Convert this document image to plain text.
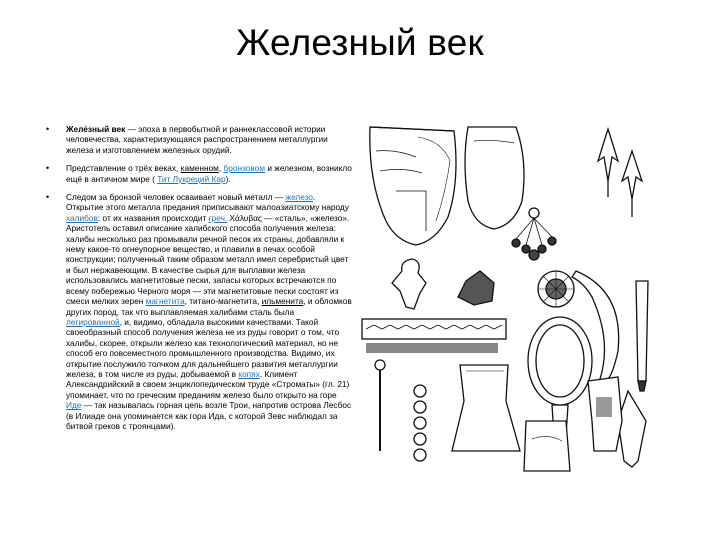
Железный век
• Желе́зный век — эпоха в первобытной и раннеклассовой истории человечества, характеризующаяся распространением металлургии железа и изготовлением железных орудий.
• Представление о трёх веках, каменном, бронзовом и железном, возникло ещё в античном мире ( Тит Лукреций Кар).
• Следом за бронзой человек осваивает новый металл — железо. Открытие этого металла предания приписывают малоазиатскому народу халибов: от их названия происходит греч. Χάλυβας — «сталь», «железо». Аристотель оставил описание халибского способа получения железа: халибы несколько раз промывали речной песок их страны, добавляли к нему какое-то огнеупорное вещество, и плавили в печах особой конструкции; полученный таким образом металл имел серебристый цвет и был нержавеющим. В качестве сырья для выплавки железа использовались магнетитовые пески, запасы которых встречаются по всему побережью Черного моря — эти магнетитовые пески состоят из смеси мелких зерен магнетита, титано-магнетита, ильменита, и обломков других пород, так что выплавляемая халибами сталь была легированной, и, видимо, обладала высокими качествами. Такой своеобразный способ получения железа не из руды говорит о том, что халибы, скорее, открыли железо как технологический материал, но не способ его повсеместного промышленного производства. Видимо, их открытие послужило толчком для дальнейшего развития металлургии железа, в том числе из руды, добываемой в копях. Климент Александрийский в своем энциклопедическом труде «Строматы» (гл. 21) упоминает, что по греческим преданиям железо было открыто на горе Иде — так называлась горная цепь возле Трои, напротив острова Лесбос (в Илиаде она упоминается как гора Ида, с которой Зевс наблюдал за битвой греков с троянцами).
